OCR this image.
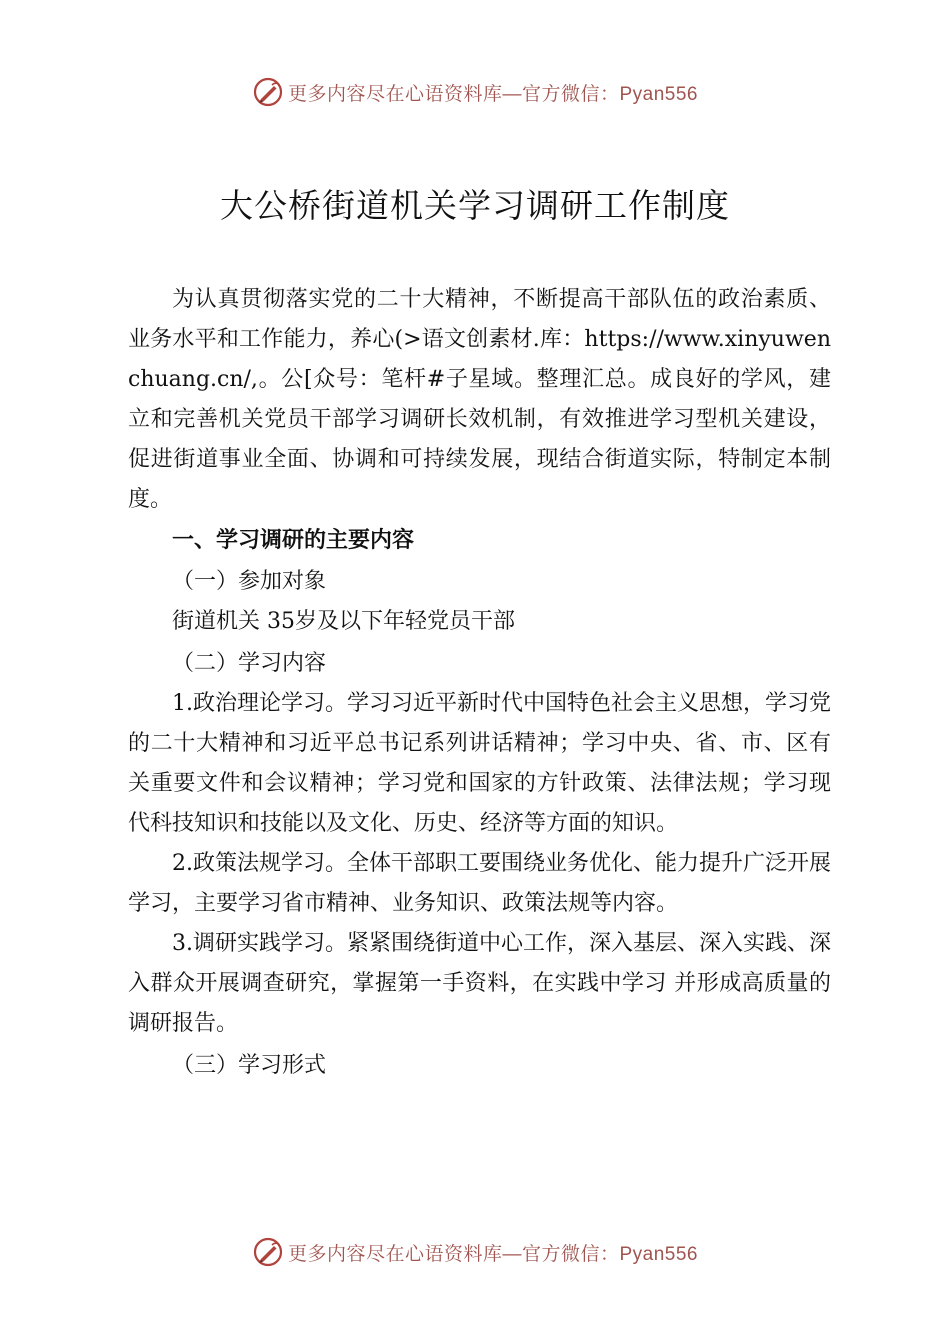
更多内容尽在心语资料库—官方微信：Pyan556
大公桥街道机关学习调研工作制度

为认真贯彻落实党的二十大精神，不断提高干部队伍的政治素质、业务水平和工作能力，养心(>语文创素材.库：https://www.xinyuwenchuang.cn/,。公[众号：笔杆#子星域。整理汇总。成良好的学风，建立和完善机关党员干部学习调研长效机制，有效推进学习型机关建设，促进街道事业全面、协调和可持续发展，现结合街道实际，特制定本制度。

一、学习调研的主要内容

（一）参加对象

街道机关 35岁及以下年轻党员干部

（二）学习内容

1.政治理论学习。学习习近平新时代中国特色社会主义思想，学习党的二十大精神和习近平总书记系列讲话精神；学习中央、省、市、区有关重要文件和会议精神；学习党和国家的方针政策、法律法规；学习现代科技知识和技能以及文化、历史、经济等方面的知识。

2.政策法规学习。全体干部职工要围绕业务优化、能力提升广泛开展学习，主要学习省市精神、业务知识、政策法规等内容。

3.调研实践学习。紧紧围绕街道中心工作，深入基层、深入实践、深入群众开展调查研究，掌握第一手资料，在实践中学习 并形成高质量的调研报告。

（三）学习形式

更多内容尽在心语资料库—官方微信：Pyan556
